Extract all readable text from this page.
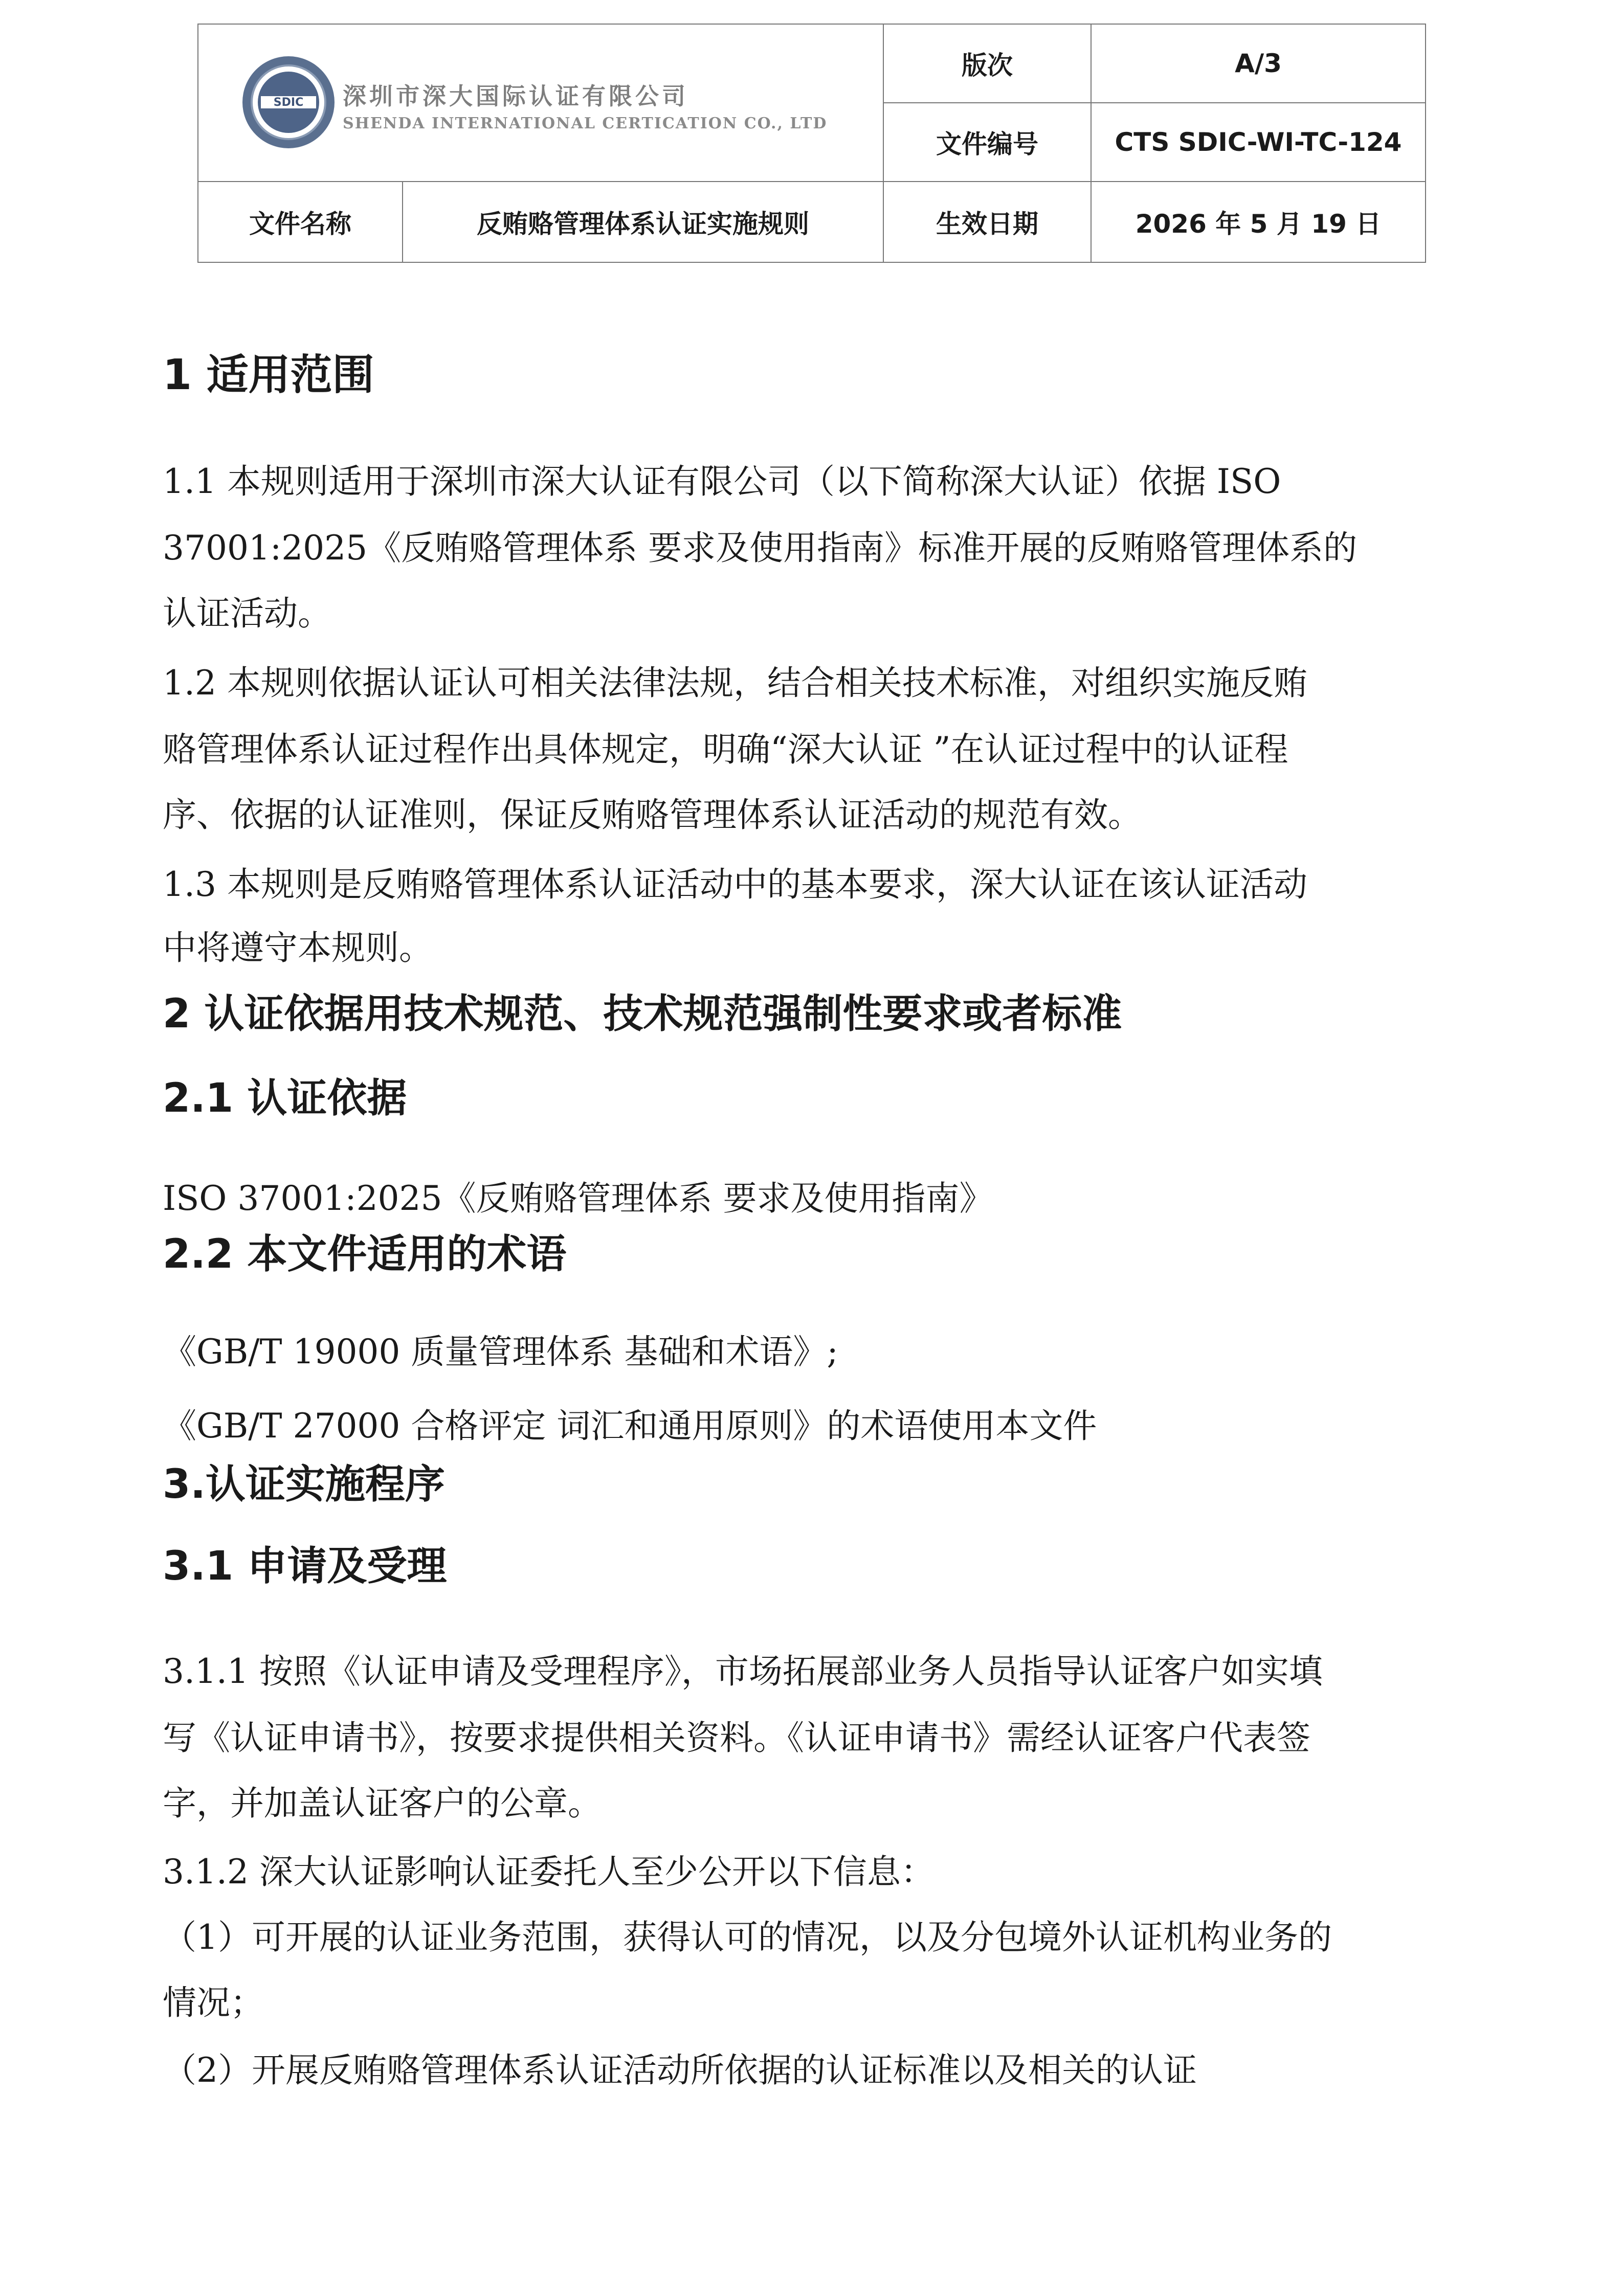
SDIC 深圳市深大国际认证有限公司
SHENDA INTERNATIONAL CERTICATION CO., LTD		版次	A/3
		文件编号	CTS SDIC-WI-TC-124
文件名称	反贿赂管理体系认证实施规则	生效日期	2026 年 5 月 19 日
1 适用范围
1.1 本规则适用于深圳市深大认证有限公司（以下简称深大认证）依据 ISO
37001:2025《反贿赂管理体系 要求及使用指南》标准开展的反贿赂管理体系的
认证活动。
1.2 本规则依据认证认可相关法律法规，结合相关技术标准，对组织实施反贿
赂管理体系认证过程作出具体规定，明确“深大认证 ”在认证过程中的认证程
序、依据的认证准则，保证反贿赂管理体系认证活动的规范有效。
1.3 本规则是反贿赂管理体系认证活动中的基本要求，深大认证在该认证活动
中将遵守本规则。
2 认证依据用技术规范、技术规范强制性要求或者标准
2.1 认证依据
ISO 37001:2025《反贿赂管理体系 要求及使用指南》
2.2 本文件适用的术语
《GB/T 19000 质量管理体系 基础和术语》;
《GB/T 27000 合格评定 词汇和通用原则》的术语使用本文件
3.认证实施程序
3.1 申请及受理
3.1.1 按照《认证申请及受理程序》，市场拓展部业务人员指导认证客户如实填
写《认证申请书》，按要求提供相关资料。《认证申请书》需经认证客户代表签
字，并加盖认证客户的公章。
3.1.2 深大认证影响认证委托人至少公开以下信息：
（1）可开展的认证业务范围，获得认可的情况，以及分包境外认证机构业务的
情况；
（2）开展反贿赂管理体系认证活动所依据的认证标准以及相关的认证
